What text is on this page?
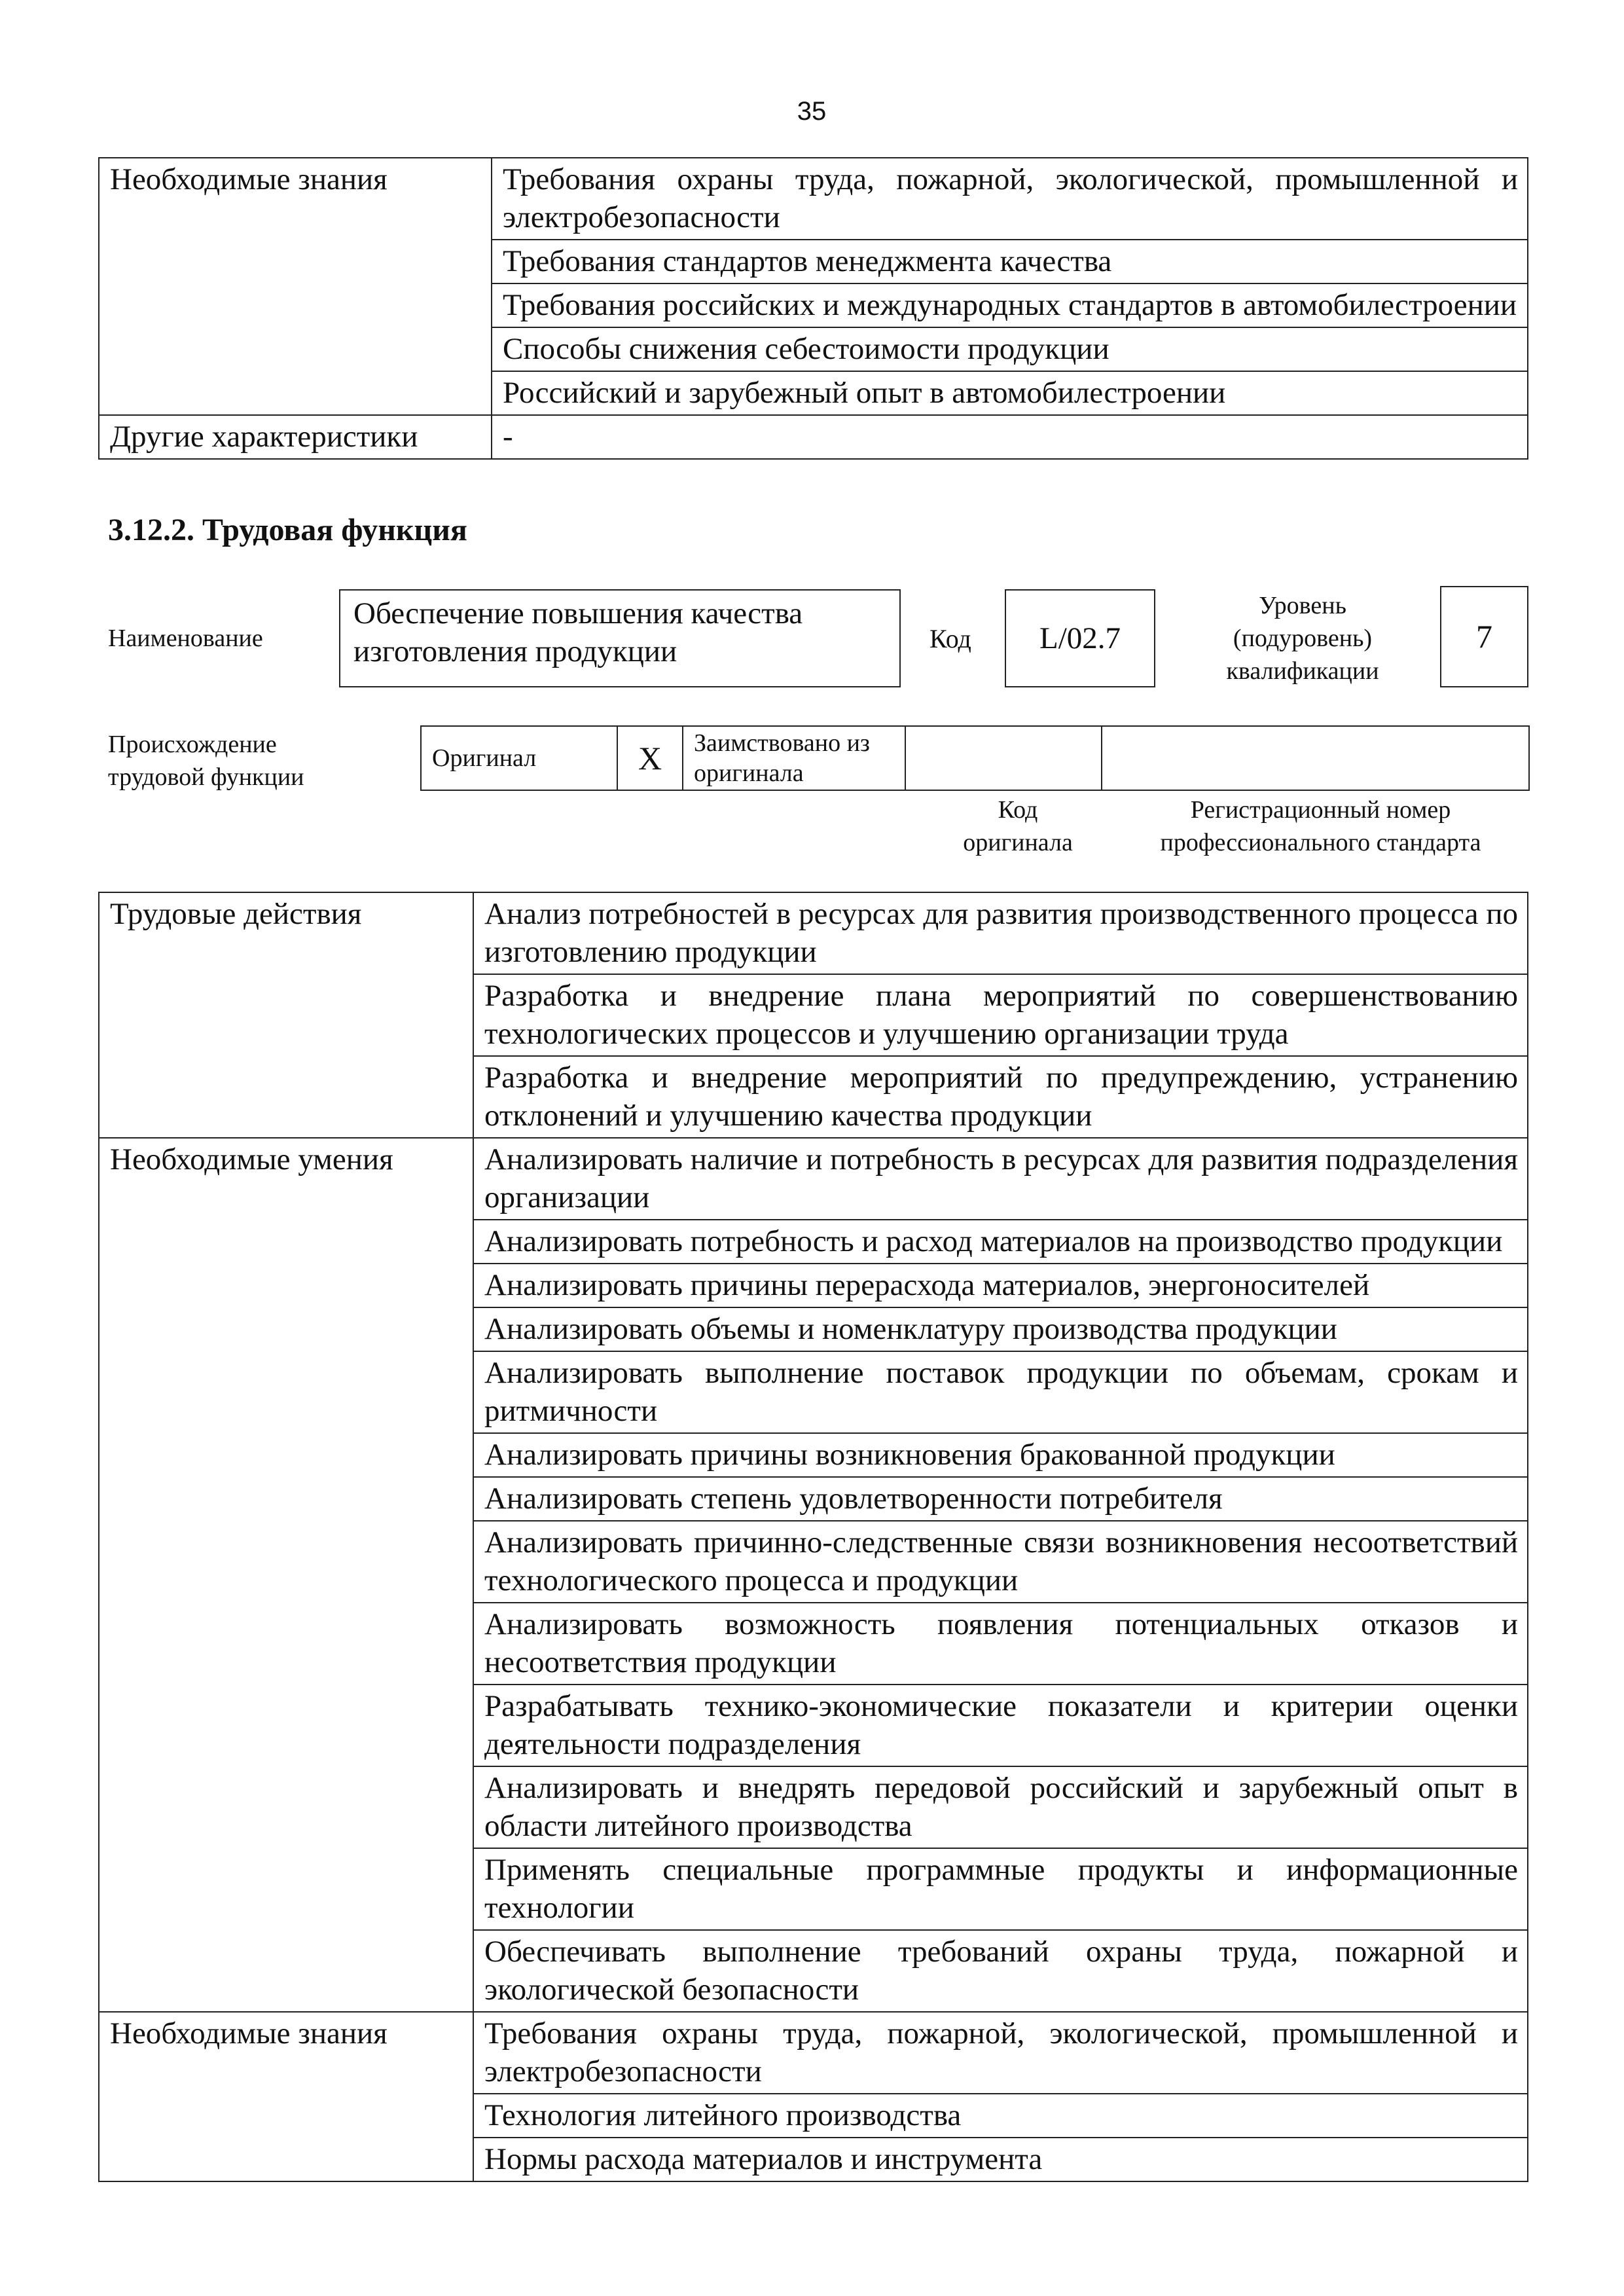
35
Необходимые знания	Требования охраны труда, пожарной, экологической, промышленной и электробезопасности
	Требования стандартов менеджмента качества
	Требования российских и международных стандартов в автомобилестроении
	Способы снижения себестоимости продукции
	Российский и зарубежный опыт в автомобилестроении
Другие характеристики	-
3.12.2. Трудовая функция
Наименование
Обеспечение повышения качества изготовления продукции	Код	L/02.7
Уровень
(подуровень)
квалификации
7
Происхождение
трудовой функции
Оригинал	X	Заимствовано из оригинала		
Код
оригинала
Регистрационный номер
профессионального стандарта
Трудовые действия	Анализ потребностей в ресурсах для развития производственного процесса по изготовлению продукции
	Разработка и внедрение плана мероприятий по совершенствованию технологических процессов и улучшению организации труда
	Разработка и внедрение мероприятий по предупреждению, устранению отклонений и улучшению качества продукции
Необходимые умения	Анализировать наличие и потребность в ресурсах для развития подразделения организации
	Анализировать потребность и расход материалов на производство продукции
	Анализировать причины перерасхода материалов, энергоносителей
	Анализировать объемы и номенклатуру производства продукции
	Анализировать выполнение поставок продукции по объемам, срокам и ритмичности
	Анализировать причины возникновения бракованной продукции
	Анализировать степень удовлетворенности потребителя
	Анализировать причинно-следственные связи возникновения несоответствий технологического процесса и продукции
	Анализировать возможность появления потенциальных отказов и несоответствия продукции
	Разрабатывать технико-экономические показатели и критерии оценки деятельности подразделения
	Анализировать и внедрять передовой российский и зарубежный опыт в области литейного производства
	Применять специальные программные продукты и информационные технологии
	Обеспечивать выполнение требований охраны труда, пожарной и экологической безопасности
Необходимые знания	Требования охраны труда, пожарной, экологической, промышленной и электробезопасности
	Технология литейного производства
	Нормы расхода материалов и инструмента
